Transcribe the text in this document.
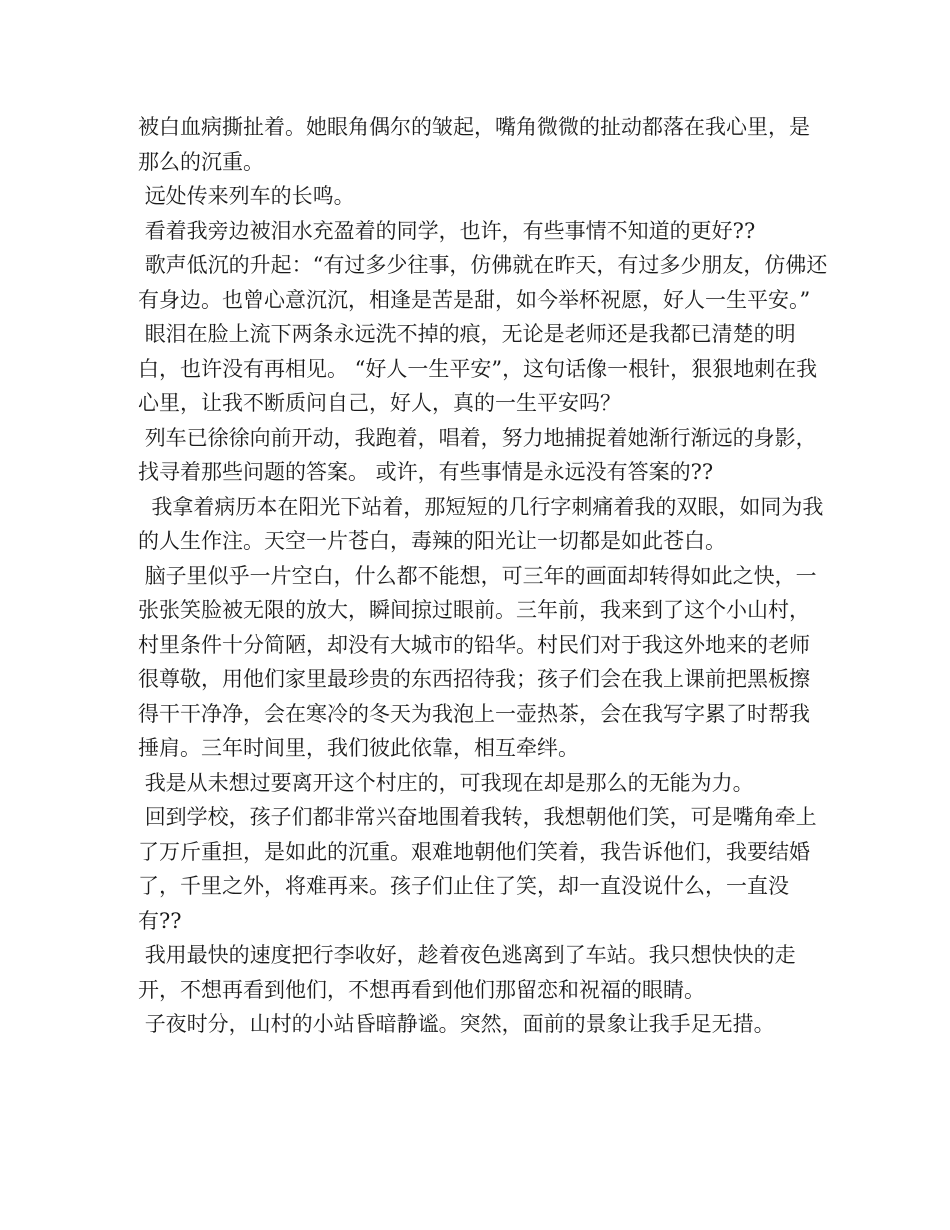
被白血病撕扯着。她眼角偶尔的皱起，嘴角微微的扯动都落在我心里，是那么的沉重。

远处传来列车的长鸣。

看着我旁边被泪水充盈着的同学，也许，有些事情不知道的更好??

歌声低沉的升起：“有过多少往事，仿佛就在昨天，有过多少朋友，仿佛还有身边。也曾心意沉沉，相逢是苦是甜，如今举杯祝愿，好人一生平安。”

眼泪在脸上流下两条永远洗不掉的痕，无论是老师还是我都已清楚的明白，也许没有再相见。 “好人一生平安”，这句话像一根针，狠狠地刺在我心里，让我不断质问自己，好人，真的一生平安吗？

列车已徐徐向前开动，我跑着，唱着，努力地捕捉着她渐行渐远的身影，找寻着那些问题的答案。 或许，有些事情是永远没有答案的??

我拿着病历本在阳光下站着，那短短的几行字刺痛着我的双眼，如同为我的人生作注。天空一片苍白，毒辣的阳光让一切都是如此苍白。

脑子里似乎一片空白，什么都不能想，可三年的画面却转得如此之快，一张张笑脸被无限的放大，瞬间掠过眼前。三年前，我来到了这个小山村，村里条件十分简陋，却没有大城市的铅华。村民们对于我这外地来的老师很尊敬，用他们家里最珍贵的东西招待我；孩子们会在我上课前把黑板擦得干干净净，会在寒冷的冬天为我泡上一壶热茶，会在我写字累了时帮我捶肩。三年时间里，我们彼此依靠，相互牵绊。

我是从未想过要离开这个村庄的，可我现在却是那么的无能为力。

回到学校，孩子们都非常兴奋地围着我转，我想朝他们笑，可是嘴角牵上了万斤重担，是如此的沉重。艰难地朝他们笑着，我告诉他们，我要结婚了，千里之外，将难再来。孩子们止住了笑，却一直没说什么，一直没有??

我用最快的速度把行李收好，趁着夜色逃离到了车站。我只想快快的走开，不想再看到他们，不想再看到他们那留恋和祝福的眼睛。

子夜时分，山村的小站昏暗静谧。突然，面前的景象让我手足无措。
